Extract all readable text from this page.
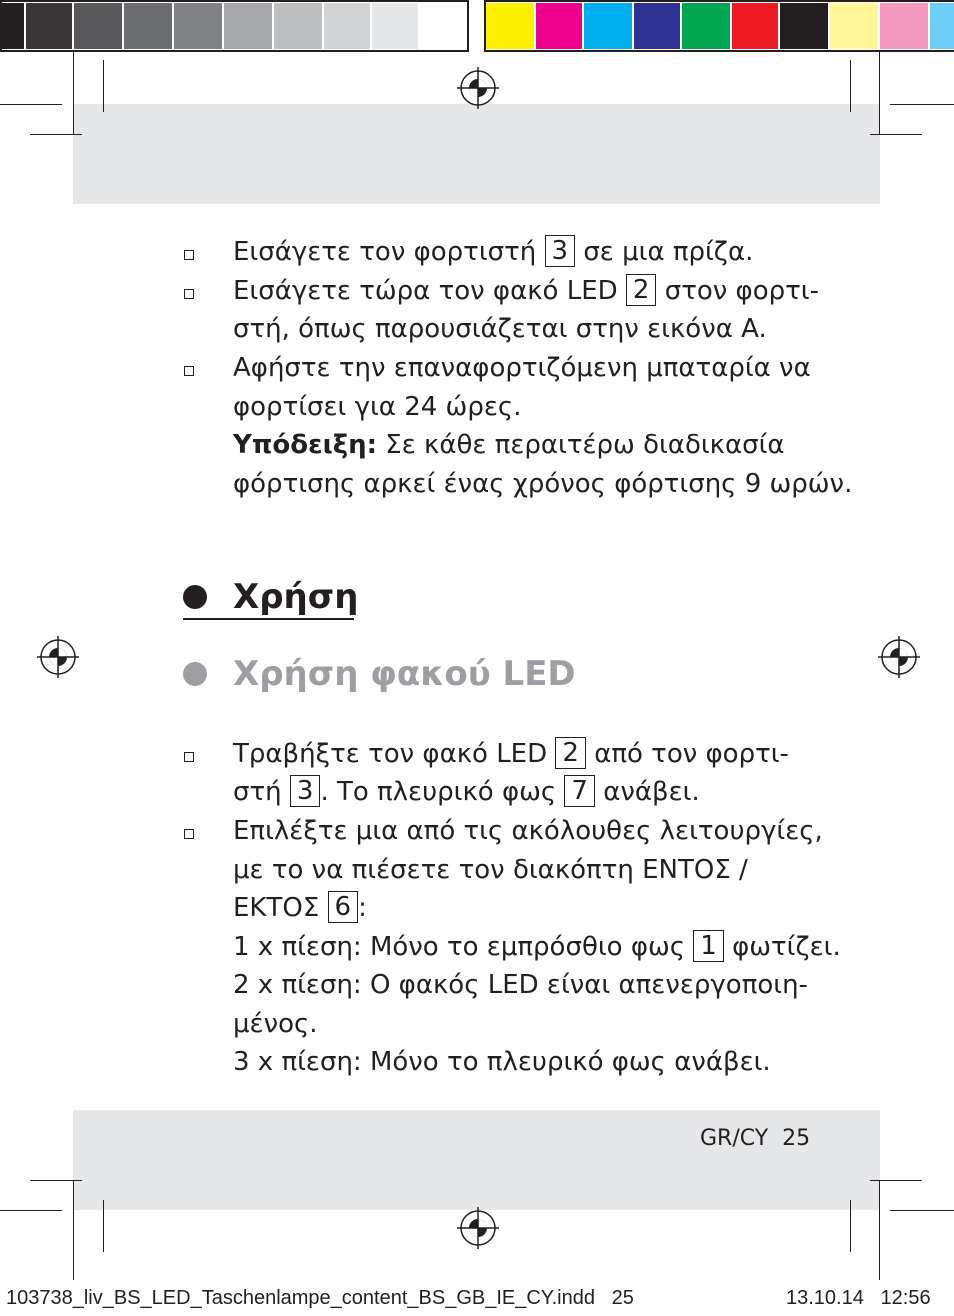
Εισάγετε τον φορτιστή 3 σε μια πρίζα.
Εισάγετε τώρα τον φακό LED 2 στον φορτι-
στή, όπως παρουσιάζεται στην εικόνα A.
Αφήστε την επαναφορτιζόμενη μπαταρία να
φορτίσει για 24 ώρες.
Υπόδειξη: Σε κάθε περαιτέρω διαδικασία
φόρτισης αρκεί ένας χρόνος φόρτισης 9 ωρών.
Χρήση
Χρήση φακού LED
Τραβήξτε τον φακό LED 2 από τον φορτι-
στή 3 . Το πλευρικό φως 7 ανάβει.
Επιλέξτε μια από τις ακόλουθες λειτουργίες,
με το να πιέσετε τον διακόπτη ΕΝΤΟΣ /
ΕΚΤΟΣ 6 :
1 x πίεση: Μόνο το εμπρόσθιο φως 1 φωτίζει.
2 x πίεση: Ο φακός LED είναι απενεργοποιη-
μένος.
3 x πίεση: Μόνο το πλευρικό φως ανάβει.
GR/CY 25
103738_liv_BS_LED_Taschenlampe_content_BS_GB_IE_CY.indd 25	13.10.14 12:56
